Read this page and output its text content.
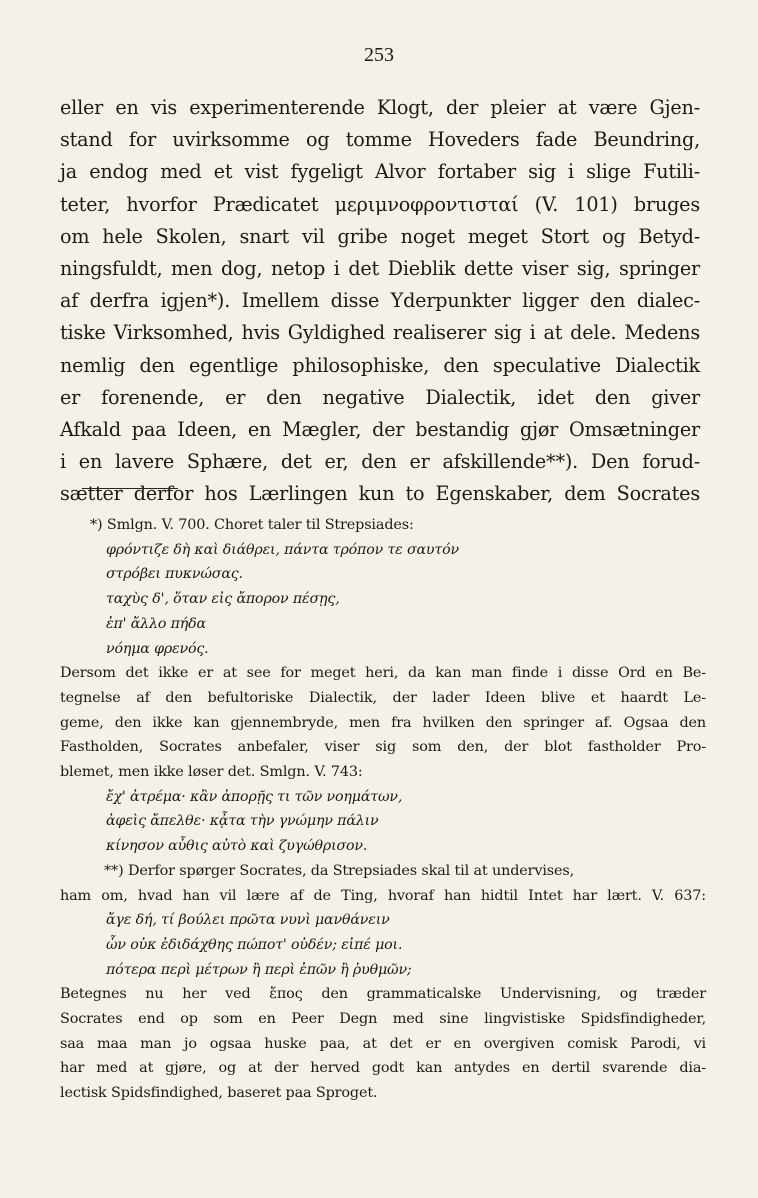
253
eller en vis experimenterende Klogt, der pleier at være Gjen-
stand for uvirksomme og tomme Hoveders fade Beundring,
ja endog med et vist fygeligt Alvor fortaber sig i slige Futili-
teter, hvorfor Prædicatet μεριμνοφροντισταί (V. 101) bruges
om hele Skolen, snart vil gribe noget meget Stort og Betyd-
ningsfuldt, men dog, netop i det Dieblik dette viser sig, springer
af derfra igjen*). Imellem disse Yderpunkter ligger den dialec-
tiske Virksomhed, hvis Gyldighed realiserer sig i at dele. Medens
nemlig den egentlige philosophiske, den speculative Dialectik
er forenende, er den negative Dialectik, idet den giver
Afkald paa Ideen, en Mægler, der bestandig gjør Omsætninger
i en lavere Sphære, det er, den er afskillende**). Den forud-
sætter derfor hos Lærlingen kun to Egenskaber, dem Socrates
*) Smlgn. V. 700. Choret taler til Strepsiades:
φρόντιζε δὴ καὶ διάθρει, πάντα τρόπον τε σαυτόν
στρόβει πυκνώσας.
ταχὺς δ', ὅταν εἰς ἄπορον πέσῃς,
ἐπ' ἄλλο πήδα
νόημα φρενός.
Dersom det ikke er at see for meget heri, da kan man finde i disse Ord en Be-
tegnelse af den befultoriske Dialectik, der lader Ideen blive et haardt Le-
geme, den ikke kan gjennembryde, men fra hvilken den springer af. Ogsaa den
Fastholden, Socrates anbefaler, viser sig som den, der blot fastholder Pro-
blemet, men ikke løser det. Smlgn. V. 743:
ἔχ' ἀτρέμα· κἂν ἀπορῇς τι τῶν νοημάτων,
ἀφεὶς ἄπελθε· κᾆτα τὴν γνώμην πάλιν
κίνησον αὖθις αὐτὸ καὶ ζυγώθρισον.
**) Derfor spørger Socrates, da Strepsiades skal til at undervises,
ham om, hvad han vil lære af de Ting, hvoraf han hidtil Intet har lært. V. 637:
ἄγε δή, τί βούλει πρῶτα νυνὶ μανθάνειν
ὧν οὐκ ἐδιδάχθης πώποτ' οὐδέν; εἰπέ μοι.
πότερα περὶ μέτρων ἢ περὶ ἐπῶν ἢ ῥυθμῶν;
Betegnes nu her ved ἔπος den grammaticalske Undervisning, og træder
Socrates end op som en Peer Degn med sine lingvistiske Spidsfindigheder,
saa maa man jo ogsaa huske paa, at det er en overgiven comisk Parodi, vi
har med at gjøre, og at der herved godt kan antydes en dertil svarende dia-
lectisk Spidsfindighed, baseret paa Sproget.
